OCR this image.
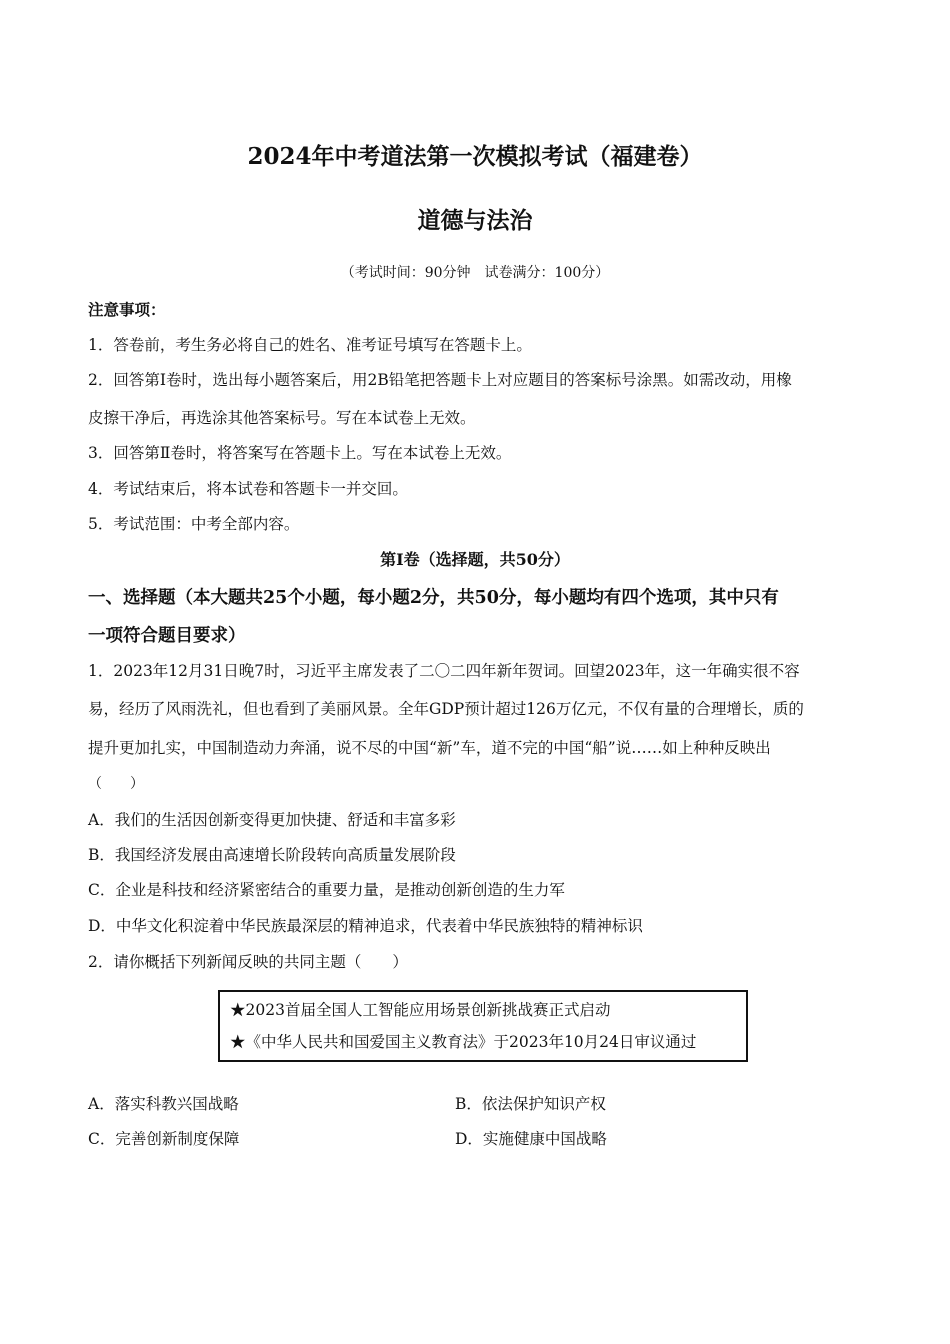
2024年中考道法第一次模拟考试（福建卷）
道德与法治
（考试时间：90分钟　试卷满分：100分）
注意事项：
1．答卷前，考生务必将自己的姓名、准考证号填写在答题卡上。
2．回答第Ⅰ卷时，选出每小题答案后，用2B铅笔把答题卡上对应题目的答案标号涂黑。如需改动，用橡
皮擦干净后，再选涂其他答案标号。写在本试卷上无效。
3．回答第Ⅱ卷时，将答案写在答题卡上。写在本试卷上无效。
4．考试结束后，将本试卷和答题卡一并交回。
5．考试范围：中考全部内容。
第Ⅰ卷（选择题，共50分）
一、选择题（本大题共25个小题，每小题2分，共50分，每小题均有四个选项，其中只有
一项符合题目要求）
1．2023年12月31日晚7时，习近平主席发表了二〇二四年新年贺词。回望2023年，这一年确实很不容
易，经历了风雨洗礼，但也看到了美丽风景。全年GDP预计超过126万亿元，不仅有量的合理增长，质的
提升更加扎实，中国制造动力奔涌，说不尽的中国“新”车，道不完的中国“船”说……如上种种反映出
（　　）
A．我们的生活因创新变得更加快捷、舒适和丰富多彩
B．我国经济发展由高速增长阶段转向高质量发展阶段
C．企业是科技和经济紧密结合的重要力量，是推动创新创造的生力军
D．中华文化积淀着中华民族最深层的精神追求，代表着中华民族独特的精神标识
2．请你概括下列新闻反映的共同主题（　　）
★2023首届全国人工智能应用场景创新挑战赛正式启动
★《中华人民共和国爱国主义教育法》于2023年10月24日审议通过
A．落实科教兴国战略	B．依法保护知识产权
C．完善创新制度保障	D．实施健康中国战略
